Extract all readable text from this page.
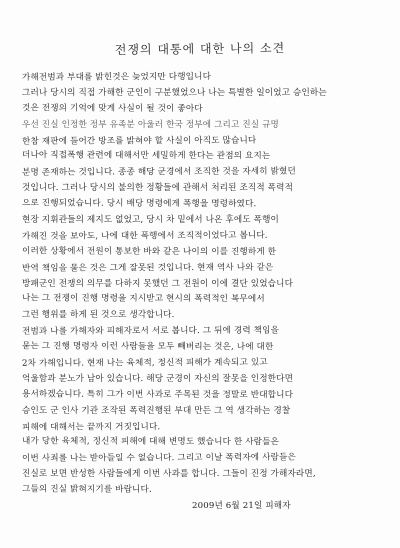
전쟁의 대통에 대한 나의 소견
가해전범과 부대를 밝힌것은 늦었지만 다행입니다
그러나 당시의 직접 가해한 군인이 구분했었으나 나는 특별한 일이었고 승인하는
것은 전쟁의 기억에 맞게 사실이 될 것이 좋아다
우선 진실 인정한 정부 유족분 아울러 한국 정부에 그리고 진실 규명
한참 재판에 들어간 방조를 밝혀야 할 사실이 아직도 많습니다
더나아 직접폭행 관련에 대해서만 세밀하게 한다는 관점의 요지는
분명 존재하는 것입니다. 종종 해당 군경에서 조직한 것을 자세히 밝혔던
것입니다. 그러나 당시의 불의한 정황들에 관해서 처리된 조직적 폭력적
으로 진행되었습니다. 당시 배당 명령에게 폭행을 명령하였다.
현장 지휘관들의 제지도 없었고, 당시 차 밑에서 나온 후에도 폭행이
가해진 것을 보아도, 나에 대한 폭행에서 조직적이었다고 봅니다.
이러한 상황에서 전원이 통보한 바와 같은 나이의 이를 진행하게 한
반역 책임을 물은 것은 그게 잘못된 것입니다. 현재 역사 나와 같은
방패군인 전쟁의 의무를 다하지 못했던 그 전원이 이에 결단 있었습니다
나는 그 전쟁이 진행 명령을 지시받고 현시의 폭력적인 복무에서
그런 행위를 하게 된 것으로 생각합니다.
전범과 나를 가해자와 피해자로서 서로 봅니다. 그 뒤에 경력 책임을
묻는 그 진행 명령자 이런 사람들을 모두 빼버리는 것은, 나에 대한
2차 가해입니다. 현재 나는 육체적, 정신적 피해가 계속되고 있고
억울함과 분노가 남아 있습니다. 해당 군경이 자신의 잘못을 인정한다면
용서하겠습니다. 특히 그가 이번 사과로 주목된 것을 정말로 반대합니다
승인도 군 인사 기관 조작된 폭력진행된 부대 만든 그 역 생각하는 경찰
피해에 대해서는 끝까지 거짓입니다.
내가 당한 육체적, 정신적 피해에 대해 변명도 했습니다 한 사람들은
이번 사죄를 나는 받아들일 수 없습니다. 그리고 이날 폭력자에 사람들은
진실로 보면 반성한 사람들에게 이번 사과를 합니다. 그들이 진정 가해자라면,
그들의 진실 밝혀지기를 바랍니다.
2009년 6월 21일 피해자
